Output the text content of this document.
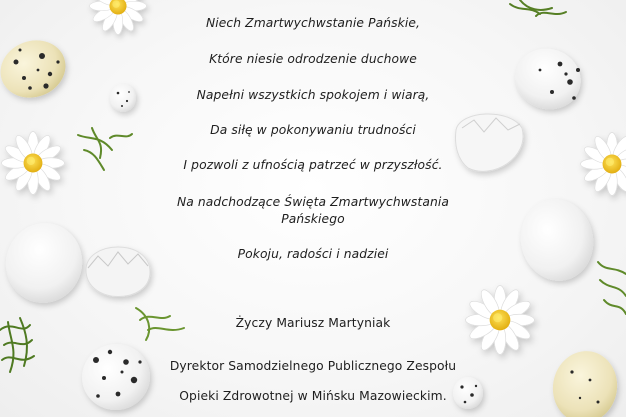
Niech Zmartwychwstanie Pańskie,
Które niesie odrodzenie duchowe
Napełni wszystkich spokojem i wiarą,
Da siłę w pokonywaniu trudności
I pozwoli z ufnością patrzeć w przyszłość.
Na nadchodzące Święta Zmartwychwstania
Pańskiego
Pokoju, radości i nadziei
Życzy Mariusz Martyniak
Dyrektor Samodzielnego Publicznego Zespołu
Opieki Zdrowotnej w Mińsku Mazowieckim.
